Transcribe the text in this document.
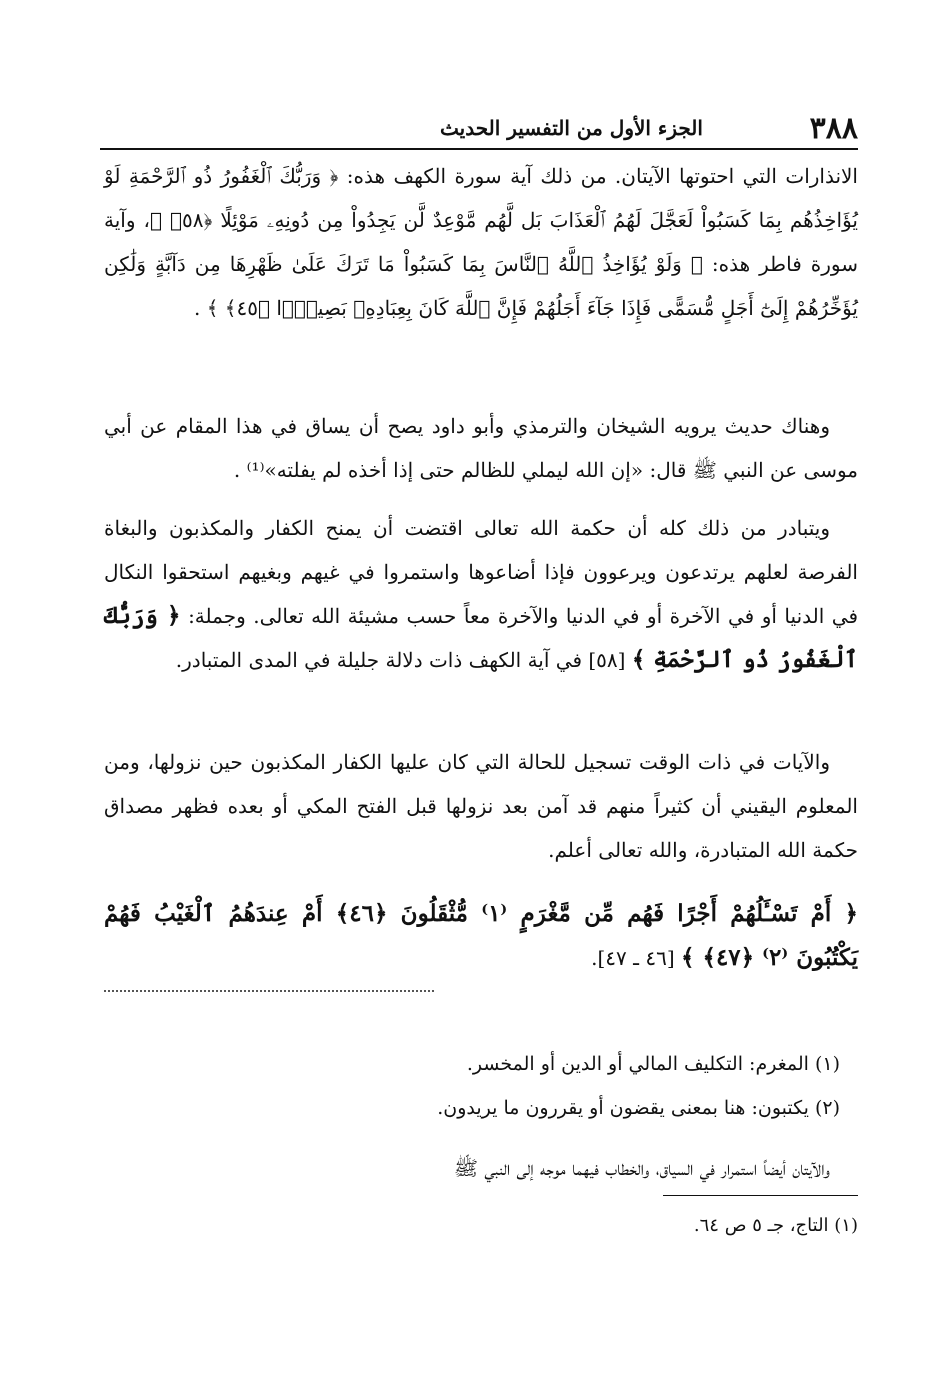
٣٨٨
الجزء الأول من التفسير الحديث

الانذارات التي احتوتها الآيتان. من ذلك آية سورة الكهف هذه: ﴿ وَرَبُّكَ ٱلْغَفُورُ ذُو ٱلرَّحْمَةِ لَوْ يُؤَاخِذُهُم بِمَا كَسَبُواْ لَعَجَّلَ لَهُمُ ٱلْعَذَابَ بَل لَّهُم مَّوْعِدٌ لَّن يَجِدُواْ مِن دُونِهِۦ مَوْئِلًا ﴿٥٨﴾ ﴾، وآية سورة فاطر هذه: ﴿ وَلَوْ يُؤَاخِذُ ٱللَّهُ ٱلنَّاسَ بِمَا كَسَبُواْ مَا تَرَكَ عَلَىٰ ظَهْرِهَا مِن دَآبَّةٍ وَلَٰكِن يُؤَخِّرُهُمْ إِلَىٰٓ أَجَلٍ مُّسَمًّى فَإِذَا جَآءَ أَجَلُهُمْ فَإِنَّ ٱللَّهَ كَانَ بِعِبَادِهِۦ بَصِيرًۢا ﴿٤٥﴾ ﴾ .

وهناك حديث يرويه الشيخان والترمذي وأبو داود يصح أن يساق في هذا المقام عن أبي موسى عن النبي ﷺ قال: «إن الله ليملي للظالم حتى إذا أخذه لم يفلته»⁽¹⁾ .

ويتبادر من ذلك كله أن حكمة الله تعالى اقتضت أن يمنح الكفار والمكذبون والبغاة الفرصة لعلهم يرتدعون ويرعوون فإذا أضاعوها واستمروا في غيهم وبغيهم استحقوا النكال في الدنيا أو في الآخرة أو في الدنيا والآخرة معاً حسب مشيئة الله تعالى. وجملة: ﴿ وَرَبُّكَ ٱلْغَفُورُ ذُو ٱلرَّحْمَةِ ﴾ [٥٨] في آية الكهف ذات دلالة جليلة في المدى المتبادر.

والآيات في ذات الوقت تسجيل للحالة التي كان عليها الكفار المكذبون حين نزولها، ومن المعلوم اليقيني أن كثيراً منهم قد آمن بعد نزولها قبل الفتح المكي أو بعده فظهر مصداق حكمة الله المتبادرة، والله تعالى أعلم.

﴿ أَمْ تَسْـَٔلُهُمْ أَجْرًا فَهُم مِّن مَّغْرَمٍ ⁽١⁾ مُّثْقَلُونَ ﴿٤٦﴾ أَمْ عِندَهُمُ ٱلْغَيْبُ فَهُمْ يَكْتُبُونَ ⁽٢⁾ ﴿٤٧﴾ ﴾ [٤٦ ـ ٤٧].

(١) المغرم: التكليف المالي أو الدين أو المخسر.

(٢) يكتبون: هنا بمعنى يقضون أو يقررون ما يريدون.

والآيتان أيضاً استمرار في السياق، والخطاب فيهما موجه إلى النبي ﷺ

(١) التاج، جـ ٥ ص ٦٤.
